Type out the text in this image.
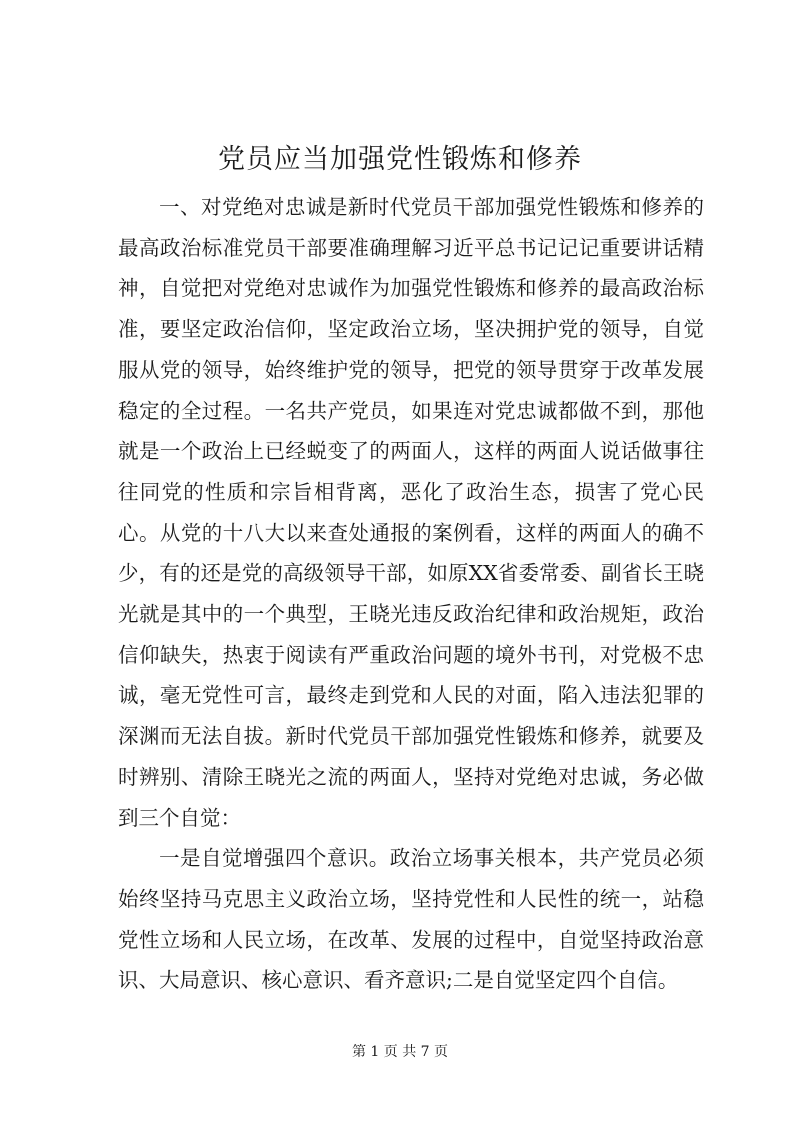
党员应当加强党性锻炼和修养

一、对党绝对忠诚是新时代党员干部加强党性锻炼和修养的最高政治标准党员干部要准确理解习近平总书记记记重要讲话精神，自觉把对党绝对忠诚作为加强党性锻炼和修养的最高政治标准，要坚定政治信仰，坚定政治立场，坚决拥护党的领导，自觉服从党的领导，始终维护党的领导，把党的领导贯穿于改革发展稳定的全过程。一名共产党员，如果连对党忠诚都做不到，那他就是一个政治上已经蜕变了的两面人，这样的两面人说话做事往往同党的性质和宗旨相背离，恶化了政治生态，损害了党心民心。从党的十八大以来查处通报的案例看，这样的两面人的确不少，有的还是党的高级领导干部，如原XX省委常委、副省长王晓光就是其中的一个典型，王晓光违反政治纪律和政治规矩，政治信仰缺失，热衷于阅读有严重政治问题的境外书刊，对党极不忠诚，毫无党性可言，最终走到党和人民的对面，陷入违法犯罪的深渊而无法自拔。新时代党员干部加强党性锻炼和修养，就要及时辨别、清除王晓光之流的两面人，坚持对党绝对忠诚，务必做到三个自觉：

一是自觉增强四个意识。政治立场事关根本，共产党员必须始终坚持马克思主义政治立场，坚持党性和人民性的统一，站稳党性立场和人民立场，在改革、发展的过程中，自觉坚持政治意识、大局意识、核心意识、看齐意识;二是自觉坚定四个自信。

第 1 页 共 7 页
